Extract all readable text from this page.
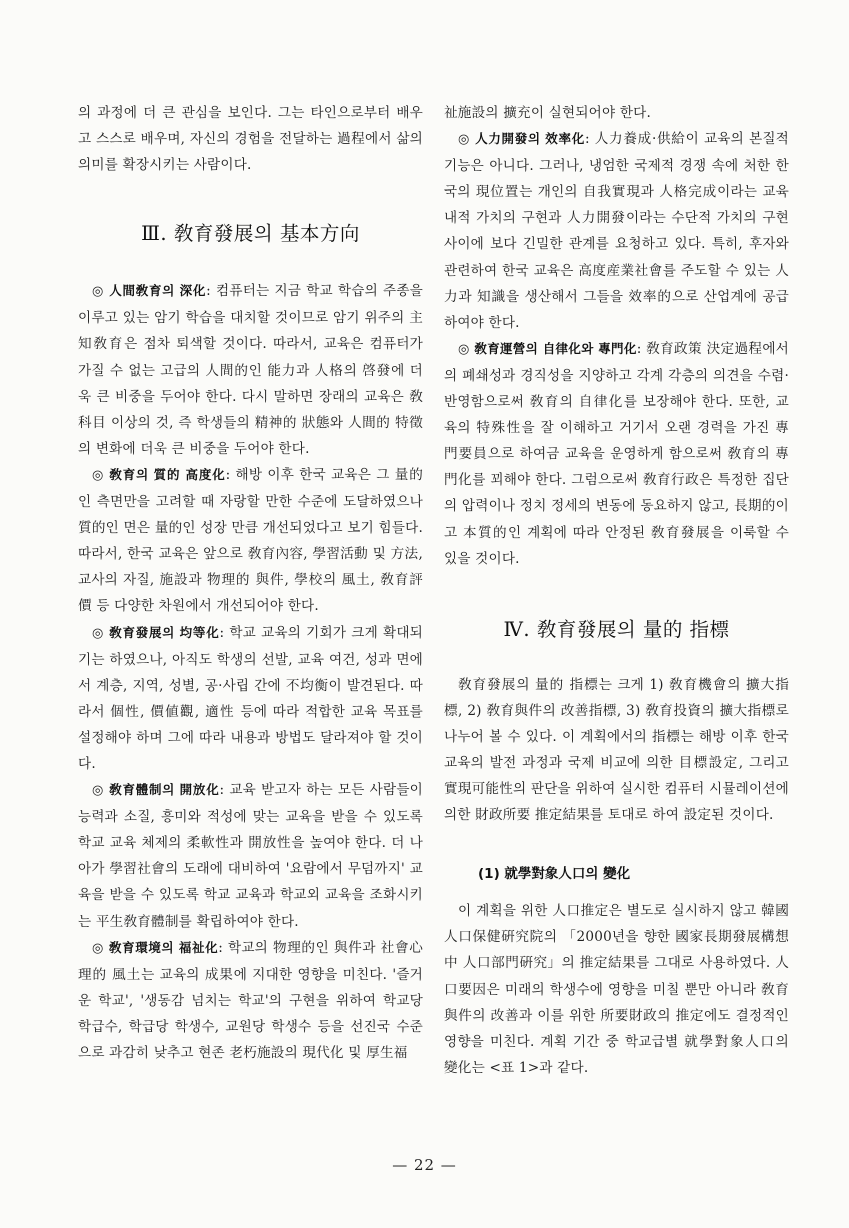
의 과정에 더 큰 관심을 보인다. 그는 타인으로부터 배우고 스스로 배우며, 자신의 경험을 전달하는 過程에서 삶의 의미를 확장시키는 사람이다.

Ⅲ. 敎育發展의 基本方向

◎ 人間敎育의 深化: 컴퓨터는 지금 학교 학습의 주종을 이루고 있는 암기 학습을 대치할 것이므로 암기 위주의 主知敎育은 점차 퇴색할 것이다. 따라서, 교육은 컴퓨터가 가질 수 없는 고급의 人間的인 能力과 人格의 啓發에 더욱 큰 비중을 두어야 한다. 다시 말하면 장래의 교육은 敎科目 이상의 것, 즉 학생들의 精神的 狀態와 人間的 特徵의 변화에 더욱 큰 비중을 두어야 한다.

◎ 敎育의 質的 高度化: 해방 이후 한국 교육은 그 量的인 측면만을 고려할 때 자랑할 만한 수준에 도달하였으나 質的인 면은 量的인 성장 만큼 개선되었다고 보기 힘들다. 따라서, 한국 교육은 앞으로 敎育內容, 學習活動 및 方法, 교사의 자질, 施設과 物理的 與件, 學校의 風土, 敎育評價 등 다양한 차원에서 개선되어야 한다.

◎ 敎育發展의 均等化: 학교 교육의 기회가 크게 확대되기는 하였으나, 아직도 학생의 선발, 교육 여건, 성과 면에서 계층, 지역, 성별, 공·사립 간에 不均衡이 발견된다. 따라서 個性, 價値觀, 適性 등에 따라 적합한 교육 목표를 설정해야 하며 그에 따라 내용과 방법도 달라져야 할 것이다.

◎ 敎育體制의 開放化: 교육 받고자 하는 모든 사람들이 능력과 소질, 흥미와 적성에 맞는 교육을 받을 수 있도록 학교 교육 체제의 柔軟性과 開放性을 높여야 한다. 더 나아가 學習社會의 도래에 대비하여 '요람에서 무덤까지' 교육을 받을 수 있도록 학교 교육과 학교외 교육을 조화시키는 平生敎育體制를 확립하여야 한다.

◎ 敎育環境의 福祉化: 학교의 物理的인 與件과 社會心理的 風土는 교육의 成果에 지대한 영향을 미친다. '즐거운 학교', '생동감 넘치는 학교'의 구현을 위하여 학교당 학급수, 학급당 학생수, 교원당 학생수 등을 선진국 수준으로 과감히 낮추고 현존 老朽施設의 現代化 및 厚生福

祉施設의 擴充이 실현되어야 한다.

◎ 人力開發의 效率化: 人力養成·供給이 교육의 본질적 기능은 아니다. 그러나, 냉엄한 국제적 경쟁 속에 처한 한국의 現位置는 개인의 自我實現과 人格完成이라는 교육 내적 가치의 구현과 人力開發이라는 수단적 가치의 구현 사이에 보다 긴밀한 관계를 요청하고 있다. 특히, 후자와 관련하여 한국 교육은 高度産業社會를 주도할 수 있는 人力과 知識을 생산해서 그들을 效率的으로 산업계에 공급하여야 한다.

◎ 敎育運營의 自律化와 專門化: 敎育政策 決定過程에서의 폐쇄성과 경직성을 지양하고 각계 각층의 의견을 수렴·반영함으로써 敎育의 自律化를 보장해야 한다. 또한, 교육의 特殊性을 잘 이해하고 거기서 오랜 경력을 가진 專門要員으로 하여금 교육을 운영하게 함으로써 敎育의 專門化를 꾀해야 한다. 그럼으로써 敎育行政은 특정한 집단의 압력이나 정치 정세의 변동에 동요하지 않고, 長期的이고 本質的인 계획에 따라 안정된 敎育發展을 이룩할 수 있을 것이다.

Ⅳ. 敎育發展의 量的 指標

敎育發展의 量的 指標는 크게 1) 敎育機會의 擴大指標, 2) 敎育與件의 改善指標, 3) 敎育投資의 擴大指標로 나누어 볼 수 있다. 이 계획에서의 指標는 해방 이후 한국 교육의 발전 과정과 국제 비교에 의한 目標設定, 그리고 實現可能性의 판단을 위하여 실시한 컴퓨터 시뮬레이션에 의한 財政所要 推定結果를 토대로 하여 設定된 것이다.

(1) 就學對象人口의 變化

이 계획을 위한 人口推定은 별도로 실시하지 않고 韓國人口保健硏究院의 「2000년을 향한 國家長期發展構想中 人口部門硏究」의 推定結果를 그대로 사용하였다. 人口要因은 미래의 학생수에 영향을 미칠 뿐만 아니라 敎育與件의 改善과 이를 위한 所要財政의 推定에도 결정적인 영향을 미친다. 계획 기간 중 학교급별 就學對象人口의 變化는 <표 1>과 같다.

— 22 —
